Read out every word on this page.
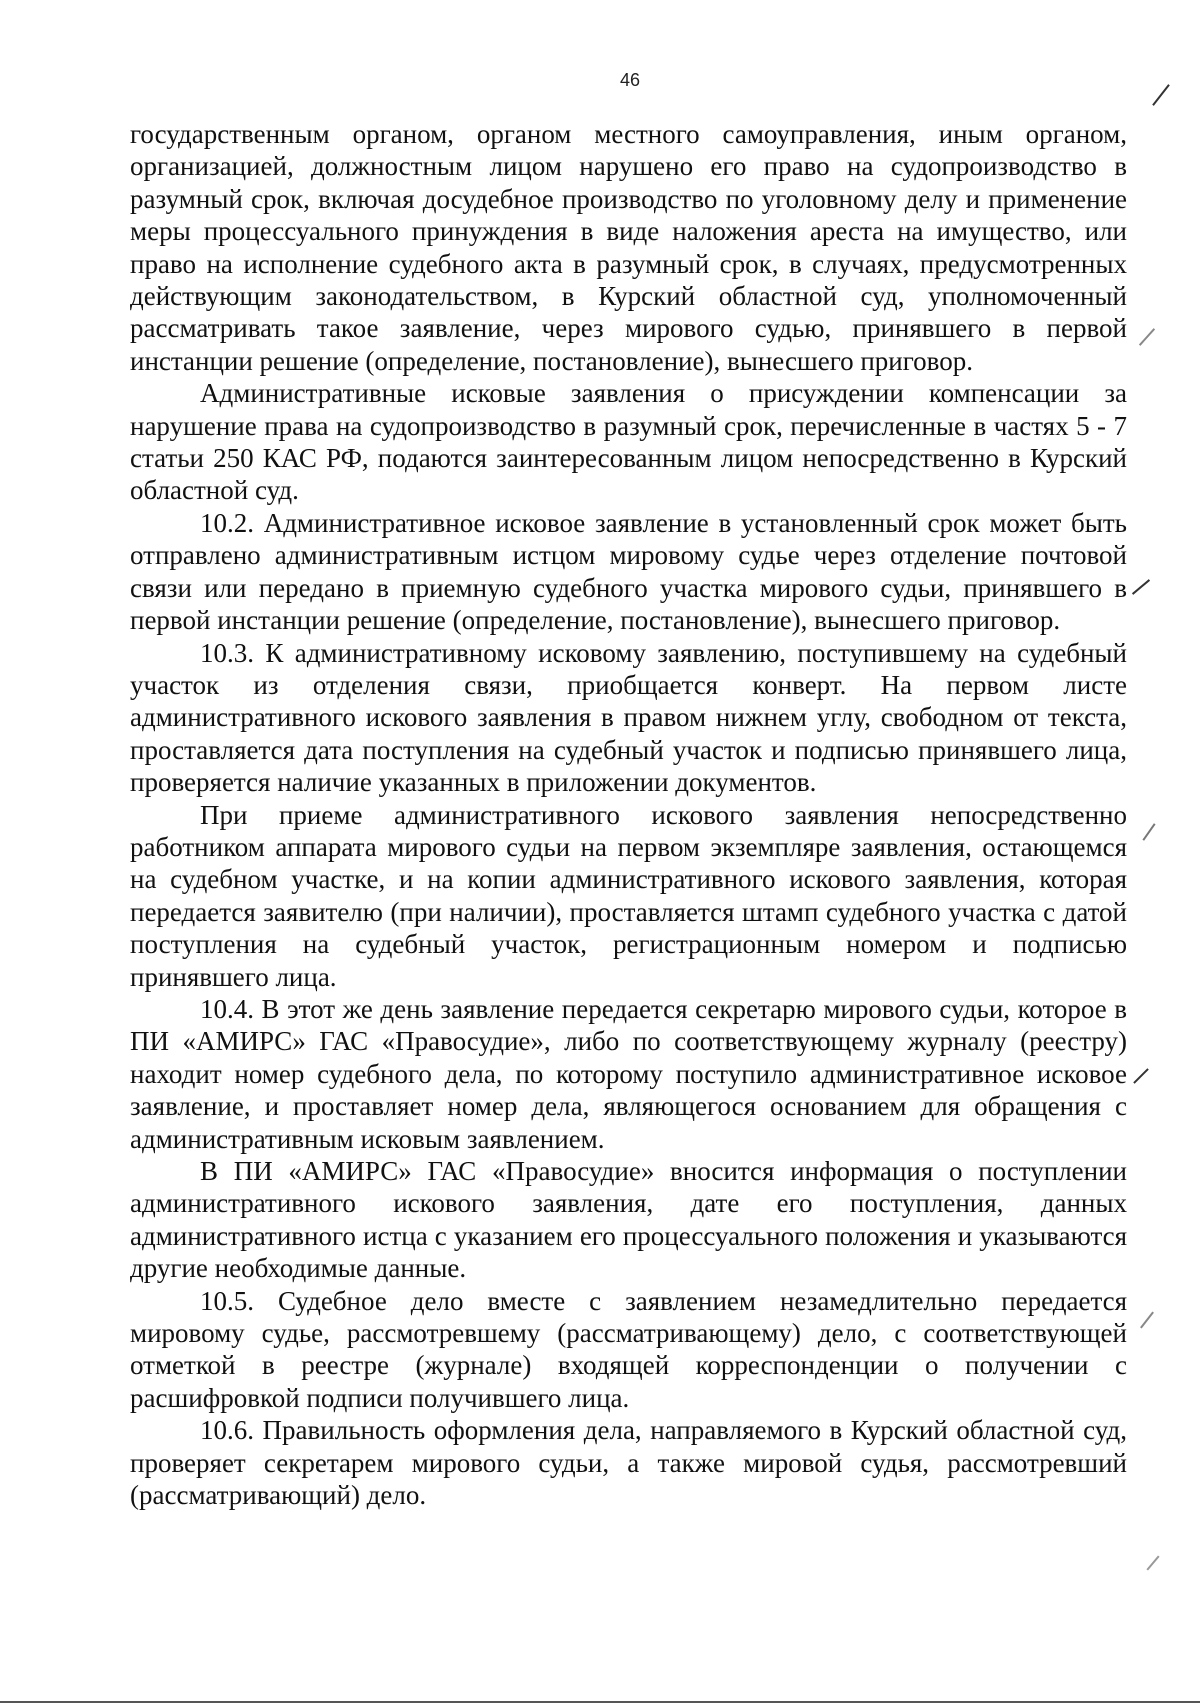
46

государственным органом, органом местного самоуправления, иным органом, организацией, должностным лицом нарушено его право на судопроизводство в разумный срок, включая досудебное производство по уголовному делу и применение меры процессуального принуждения в виде наложения ареста на имущество, или право на исполнение судебного акта в разумный срок, в случаях, предусмотренных действующим законодательством, в Курский областной суд, уполномоченный рассматривать такое заявление, через мирового судью, принявшего в первой инстанции решение (определение, постановление), вынесшего приговор.

Административные исковые заявления о присуждении компенсации за нарушение права на судопроизводство в разумный срок, перечисленные в частях 5 - 7 статьи 250 КАС РФ, подаются заинтересованным лицом непосредственно в Курский областной суд.

10.2. Административное исковое заявление в установленный срок может быть отправлено административным истцом мировому судье через отделение почтовой связи или передано в приемную судебного участка мирового судьи, принявшего в первой инстанции решение (определение, постановление), вынесшего приговор.

10.3. К административному исковому заявлению, поступившему на судебный участок из отделения связи, приобщается конверт. На первом листе административного искового заявления в правом нижнем углу, свободном от текста, проставляется дата поступления на судебный участок и подписью принявшего лица, проверяется наличие указанных в приложении документов.

При приеме административного искового заявления непосредственно работником аппарата мирового судьи на первом экземпляре заявления, остающемся на судебном участке, и на копии административного искового заявления, которая передается заявителю (при наличии), проставляется штамп судебного участка с датой поступления на судебный участок, регистрационным номером и подписью принявшего лица.

10.4. В этот же день заявление передается секретарю мирового судьи, которое в ПИ «АМИРС» ГАС «Правосудие», либо по соответствующему журналу (реестру) находит номер судебного дела, по которому поступило административное исковое заявление, и проставляет номер дела, являющегося основанием для обращения с административным исковым заявлением.

В ПИ «АМИРС» ГАС «Правосудие» вносится информация о поступлении административного искового заявления, дате его поступления, данных административного истца с указанием его процессуального положения и указываются другие необходимые данные.

10.5. Судебное дело вместе с заявлением незамедлительно передается мировому судье, рассмотревшему (рассматривающему) дело, с соответствующей отметкой в реестре (журнале) входящей корреспонденции о получении с расшифровкой подписи получившего лица.

10.6. Правильность оформления дела, направляемого в Курский областной суд, проверяет секретарем мирового судьи, а также мировой судья, рассмотревший (рассматривающий) дело.
